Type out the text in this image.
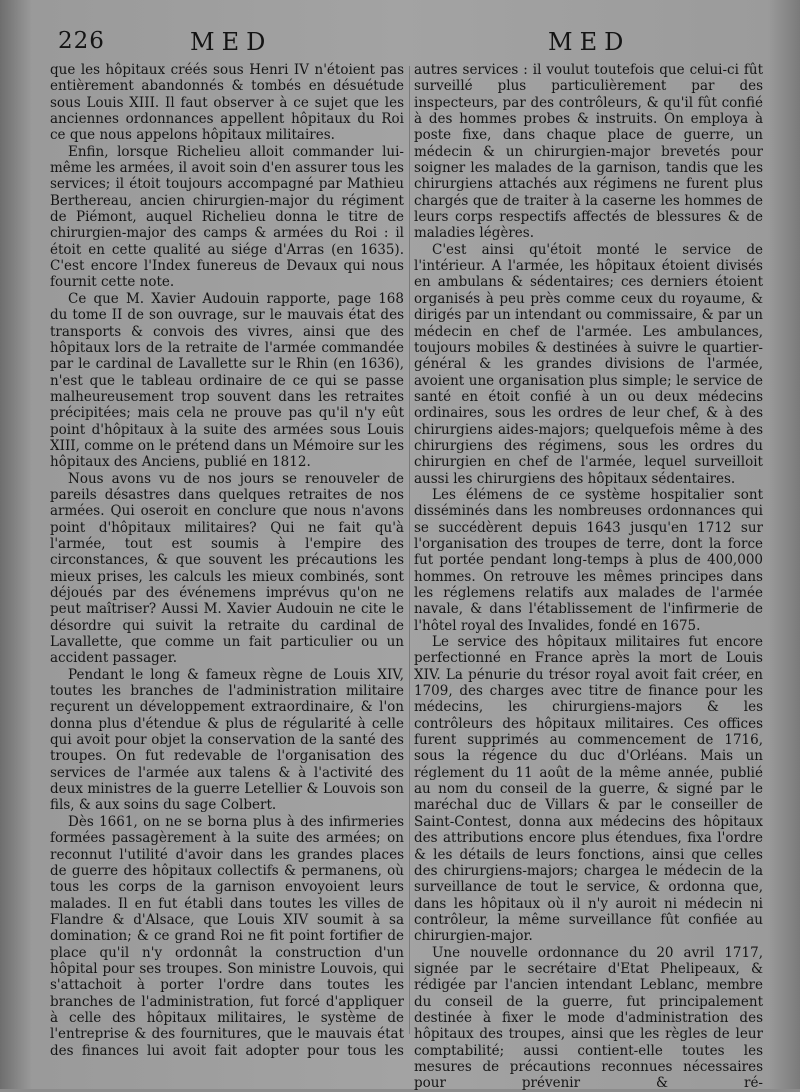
226	MED	MED

que les hôpitaux créés sous Henri IV n'étoient pas entièrement abandonnés & tombés en désuétude sous Louis XIII. Il faut observer à ce sujet que les anciennes ordonnances appellent hôpitaux du Roi ce que nous appelons hôpitaux militaires.

Enfin, lorsque Richelieu alloit commander lui-même les armées, il avoit soin d'en assurer tous les services; il étoit toujours accompagné par Mathieu Berthereau, ancien chirurgien-major du régiment de Piémont, auquel Richelieu donna le titre de chirurgien-major des camps & armées du Roi : il étoit en cette qualité au siége d'Arras (en 1635). C'est encore l'Index funereus de Devaux qui nous fournit cette note.

Ce que M. Xavier Audouin rapporte, page 168 du tome II de son ouvrage, sur le mauvais état des transports & convois des vivres, ainsi que des hôpitaux lors de la retraite de l'armée commandée par le cardinal de Lavallette sur le Rhin (en 1636), n'est que le tableau ordinaire de ce qui se passe malheureusement trop souvent dans les retraites précipitées; mais cela ne prouve pas qu'il n'y eût point d'hôpitaux à la suite des armées sous Louis XIII, comme on le prétend dans un Mémoire sur les hôpitaux des Anciens, publié en 1812.

Nous avons vu de nos jours se renouveler de pareils désastres dans quelques retraites de nos armées. Qui oseroit en conclure que nous n'avons point d'hôpitaux militaires? Qui ne fait qu'à l'armée, tout est soumis à l'empire des circonstances, & que souvent les précautions les mieux prises, les calculs les mieux combinés, sont déjoués par des événemens imprévus qu'on ne peut maîtriser? Aussi M. Xavier Audouin ne cite le désordre qui suivit la retraite du cardinal de Lavallette, que comme un fait particulier ou un accident passager.

Pendant le long & fameux règne de Louis XIV, toutes les branches de l'administration militaire reçurent un développement extraordinaire, & l'on donna plus d'étendue & plus de régularité à celle qui avoit pour objet la conservation de la santé des troupes. On fut redevable de l'organisation des services de l'armée aux talens & à l'activité des deux ministres de la guerre Letellier & Louvois son fils, & aux soins du sage Colbert.

Dès 1661, on ne se borna plus à des infirmeries formées passagèrement à la suite des armées; on reconnut l'utilité d'avoir dans les grandes places de guerre des hôpitaux collectifs & permanens, où tous les corps de la garnison envoyoient leurs malades. Il en fut établi dans toutes les villes de Flandre & d'Alsace, que Louis XIV soumit à sa domination; & ce grand Roi ne fit point fortifier de place qu'il n'y ordonnât la construction d'un hôpital pour ses troupes. Son ministre Louvois, qui s'attachoit à porter l'ordre dans toutes les branches de l'administration, fut forcé d'appliquer à celle des hôpitaux militaires, le système de l'entreprise & des fournitures, que le mauvais état des finances lui avoit fait adopter pour tous les

autres services : il voulut toutefois que celui-ci fût surveillé plus particulièrement par des inspecteurs, par des contrôleurs, & qu'il fût confié à des hommes probes & instruits. On employa à poste fixe, dans chaque place de guerre, un médecin & un chirurgien-major brevetés pour soigner les malades de la garnison, tandis que les chirurgiens attachés aux régimens ne furent plus chargés que de traiter à la caserne les hommes de leurs corps respectifs affectés de blessures & de maladies légères.

C'est ainsi qu'étoit monté le service de l'intérieur. A l'armée, les hôpitaux étoient divisés en ambulans & sédentaires; ces derniers étoient organisés à peu près comme ceux du royaume, & dirigés par un intendant ou commissaire, & par un médecin en chef de l'armée. Les ambulances, toujours mobiles & destinées à suivre le quartier-général & les grandes divisions de l'armée, avoient une organisation plus simple; le service de santé en étoit confié à un ou deux médecins ordinaires, sous les ordres de leur chef, & à des chirurgiens aides-majors; quelquefois même à des chirurgiens des régimens, sous les ordres du chirurgien en chef de l'armée, lequel surveilloit aussi les chirurgiens des hôpitaux sédentaires.

Les élémens de ce système hospitalier sont disséminés dans les nombreuses ordonnances qui se succédèrent depuis 1643 jusqu'en 1712 sur l'organisation des troupes de terre, dont la force fut portée pendant long-temps à plus de 400,000 hommes. On retrouve les mêmes principes dans les réglemens relatifs aux malades de l'armée navale, & dans l'établissement de l'infirmerie de l'hôtel royal des Invalides, fondé en 1675.

Le service des hôpitaux militaires fut encore perfectionné en France après la mort de Louis XIV. La pénurie du trésor royal avoit fait créer, en 1709, des charges avec titre de finance pour les médecins, les chirurgiens-majors & les contrôleurs des hôpitaux militaires. Ces offices furent supprimés au commencement de 1716, sous la régence du duc d'Orléans. Mais un réglement du 11 août de la même année, publié au nom du conseil de la guerre, & signé par le maréchal duc de Villars & par le conseiller de Saint-Contest, donna aux médecins des hôpitaux des attributions encore plus étendues, fixa l'ordre & les détails de leurs fonctions, ainsi que celles des chirurgiens-majors; chargea le médecin de la surveillance de tout le service, & ordonna que, dans les hôpitaux où il n'y auroit ni médecin ni contrôleur, la même surveillance fût confiée au chirurgien-major.

Une nouvelle ordonnance du 20 avril 1717, signée par le secrétaire d'Etat Phelipeaux, & rédigée par l'ancien intendant Leblanc, membre du conseil de la guerre, fut principalement destinée à fixer le mode d'administration des hôpitaux des troupes, ainsi que les règles de leur comptabilité; aussi contient-elle toutes les mesures de précautions reconnues nécessaires pour prévenir & ré-
